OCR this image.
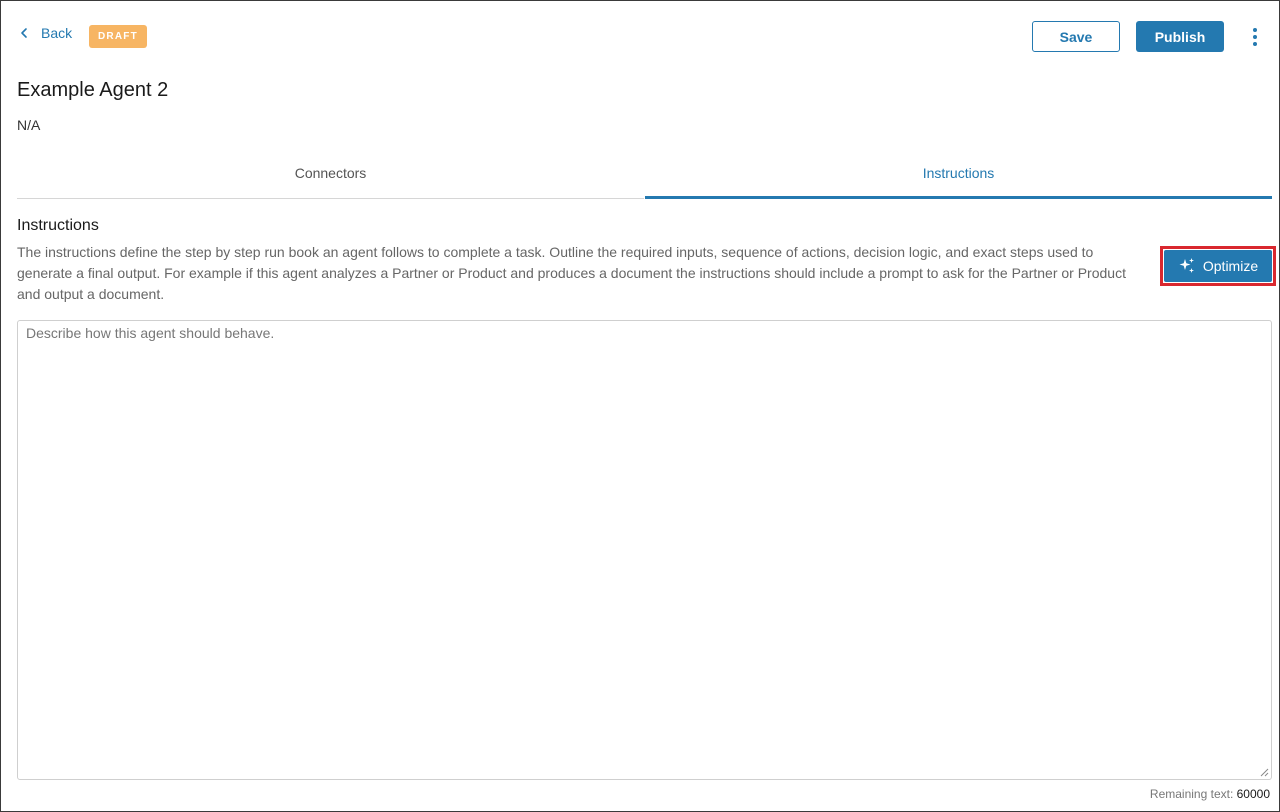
Back	DRAFT	Save	Publish
Example Agent 2
N/A
Connectors	Instructions
Instructions
The instructions define the step by step run book an agent follows to complete a task. Outline the required inputs, sequence of actions, decision logic, and exact steps used to generate a final output. For example if this agent analyzes a Partner or Product and produces a document the instructions should include a prompt to ask for the Partner or Product and output a document.
Optimize
Describe how this agent should behave.
Remaining text: 60000
